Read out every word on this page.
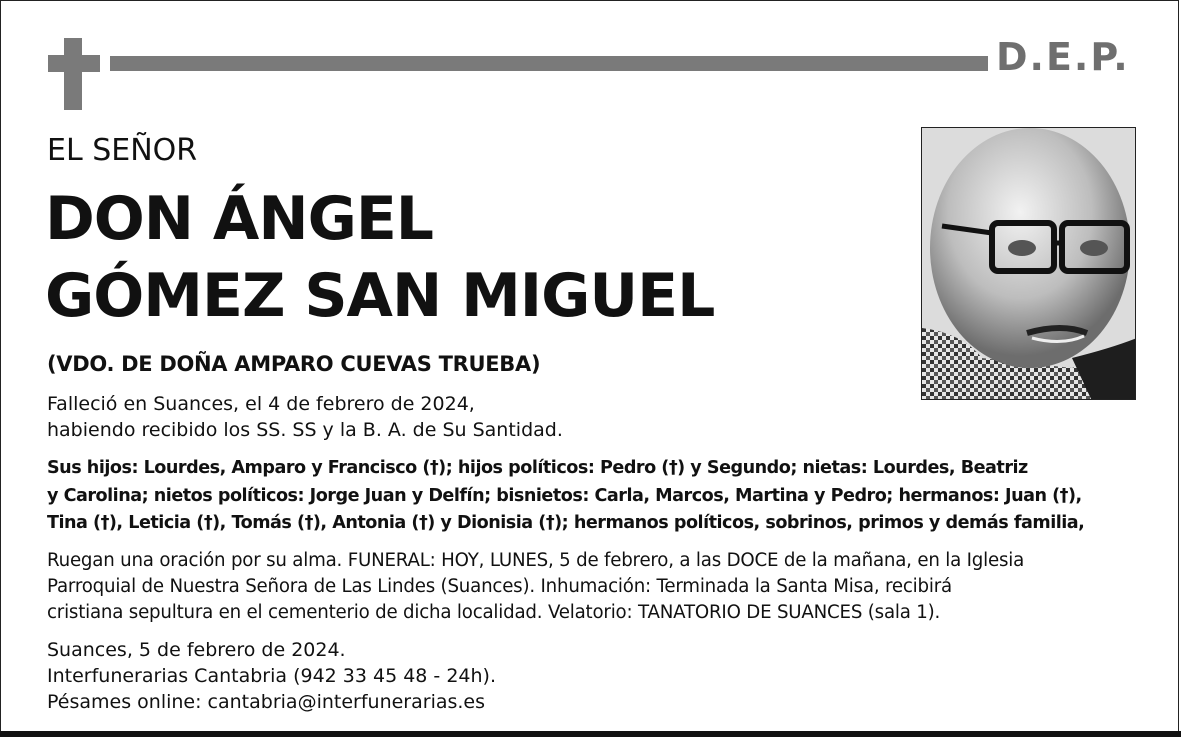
D.E.P.
EL SEÑOR
DON ÁNGEL
GÓMEZ SAN MIGUEL
(VDO. DE DOÑA AMPARO CUEVAS TRUEBA)
Falleció en Suances, el 4 de febrero de 2024,
habiendo recibido los SS. SS y la B. A. de Su Santidad.
Sus hijos: Lourdes, Amparo y Francisco (†); hijos políticos: Pedro (†) y Segundo; nietas: Lourdes, Beatriz
y Carolina; nietos políticos: Jorge Juan y Delfín; bisnietos: Carla, Marcos, Martina y Pedro; hermanos: Juan (†),
Tina (†), Leticia (†), Tomás (†), Antonia (†) y Dionisia (†); hermanos políticos, sobrinos, primos y demás familia,
Ruegan una oración por su alma. FUNERAL: HOY, LUNES, 5 de febrero, a las DOCE de la mañana, en la Iglesia
Parroquial de Nuestra Señora de Las Lindes (Suances). Inhumación: Terminada la Santa Misa, recibirá
cristiana sepultura en el cementerio de dicha localidad. Velatorio: TANATORIO DE SUANCES (sala 1).
Suances, 5 de febrero de 2024.
Interfunerarias Cantabria (942 33 45 48 - 24h).
Pésames online: cantabria@interfunerarias.es
